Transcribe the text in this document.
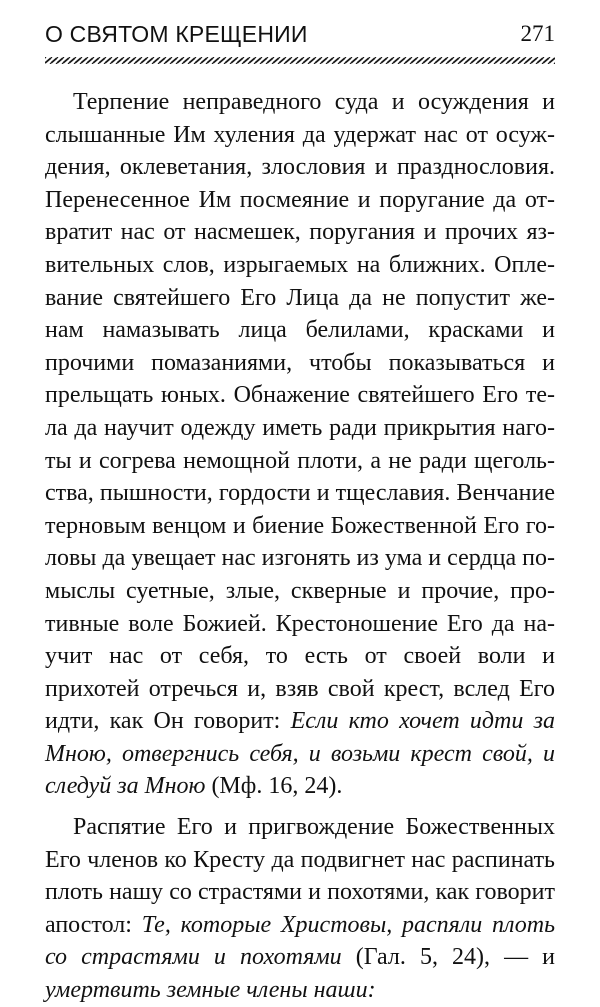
О СВЯТОМ КРЕЩЕНИИ	271

Терпение неправедного суда и осуждения и слышанные Им хуления да удержат нас от осуждения, оклеветания, злословия и празднословия. Перенесенное Им посмеяние и поругание да отвратит нас от насмешек, поругания и прочих язвительных слов, изрыгаемых на ближних. Оплевание святейшего Его Лица да не попустит женам намазывать лица белилами, красками и прочими помазаниями, чтобы показываться и прельщать юных. Обнажение святейшего Его тела да научит одежду иметь ради прикрытия наготы и согрева немощной плоти, а не ради щегольства, пышности, гордости и тщеславия. Венчание терновым венцом и биение Божественной Его головы да увещает нас изгонять из ума и сердца помыслы суетные, злые, скверные и прочие, противные воле Божией. Крестоношение Его да научит нас от себя, то есть от своей воли и прихотей отречься и, взяв свой крест, вслед Его идти, как Он говорит: Если кто хочет идти за Мною, отвергнись себя, и возьми крест свой, и следуй за Мною (Мф. 16, 24).

Распятие Его и пригвождение Божественных Его членов ко Кресту да подвигнет нас распинать плоть нашу со страстями и похотями, как говорит апостол: Те, которые Христовы, распяли плоть со страстями и похотями (Гал. 5, 24), — и умертвить земные члены наши:
